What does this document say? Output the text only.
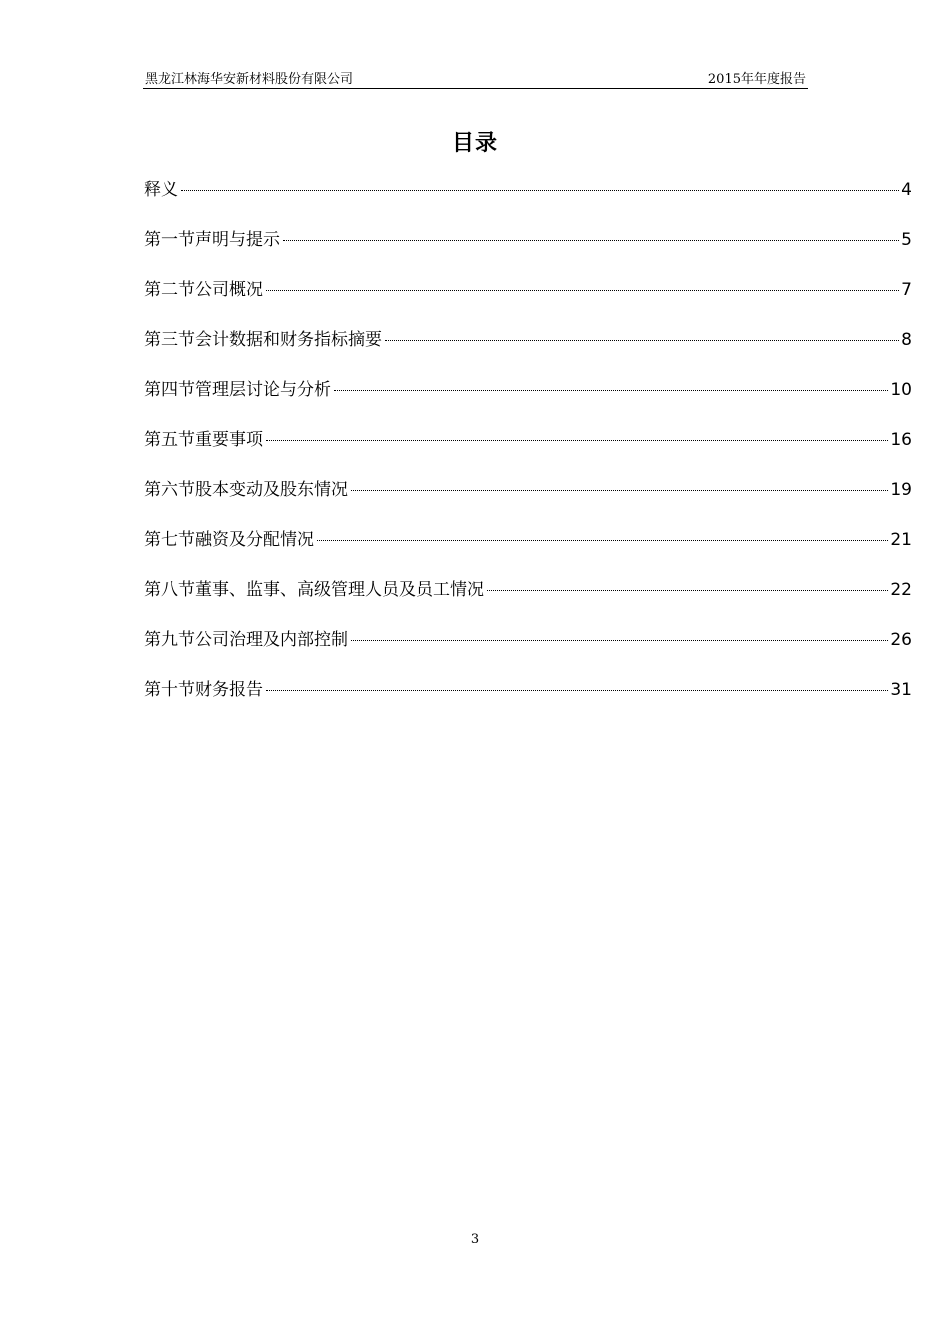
黑龙江林海华安新材料股份有限公司	2015年年度报告
目录
释义	4
第一节声明与提示	5
第二节公司概况	7
第三节会计数据和财务指标摘要	8
第四节管理层讨论与分析	10
第五节重要事项	16
第六节股本变动及股东情况	19
第七节融资及分配情况	21
第八节董事、监事、高级管理人员及员工情况	22
第九节公司治理及内部控制	26
第十节财务报告	31
3
